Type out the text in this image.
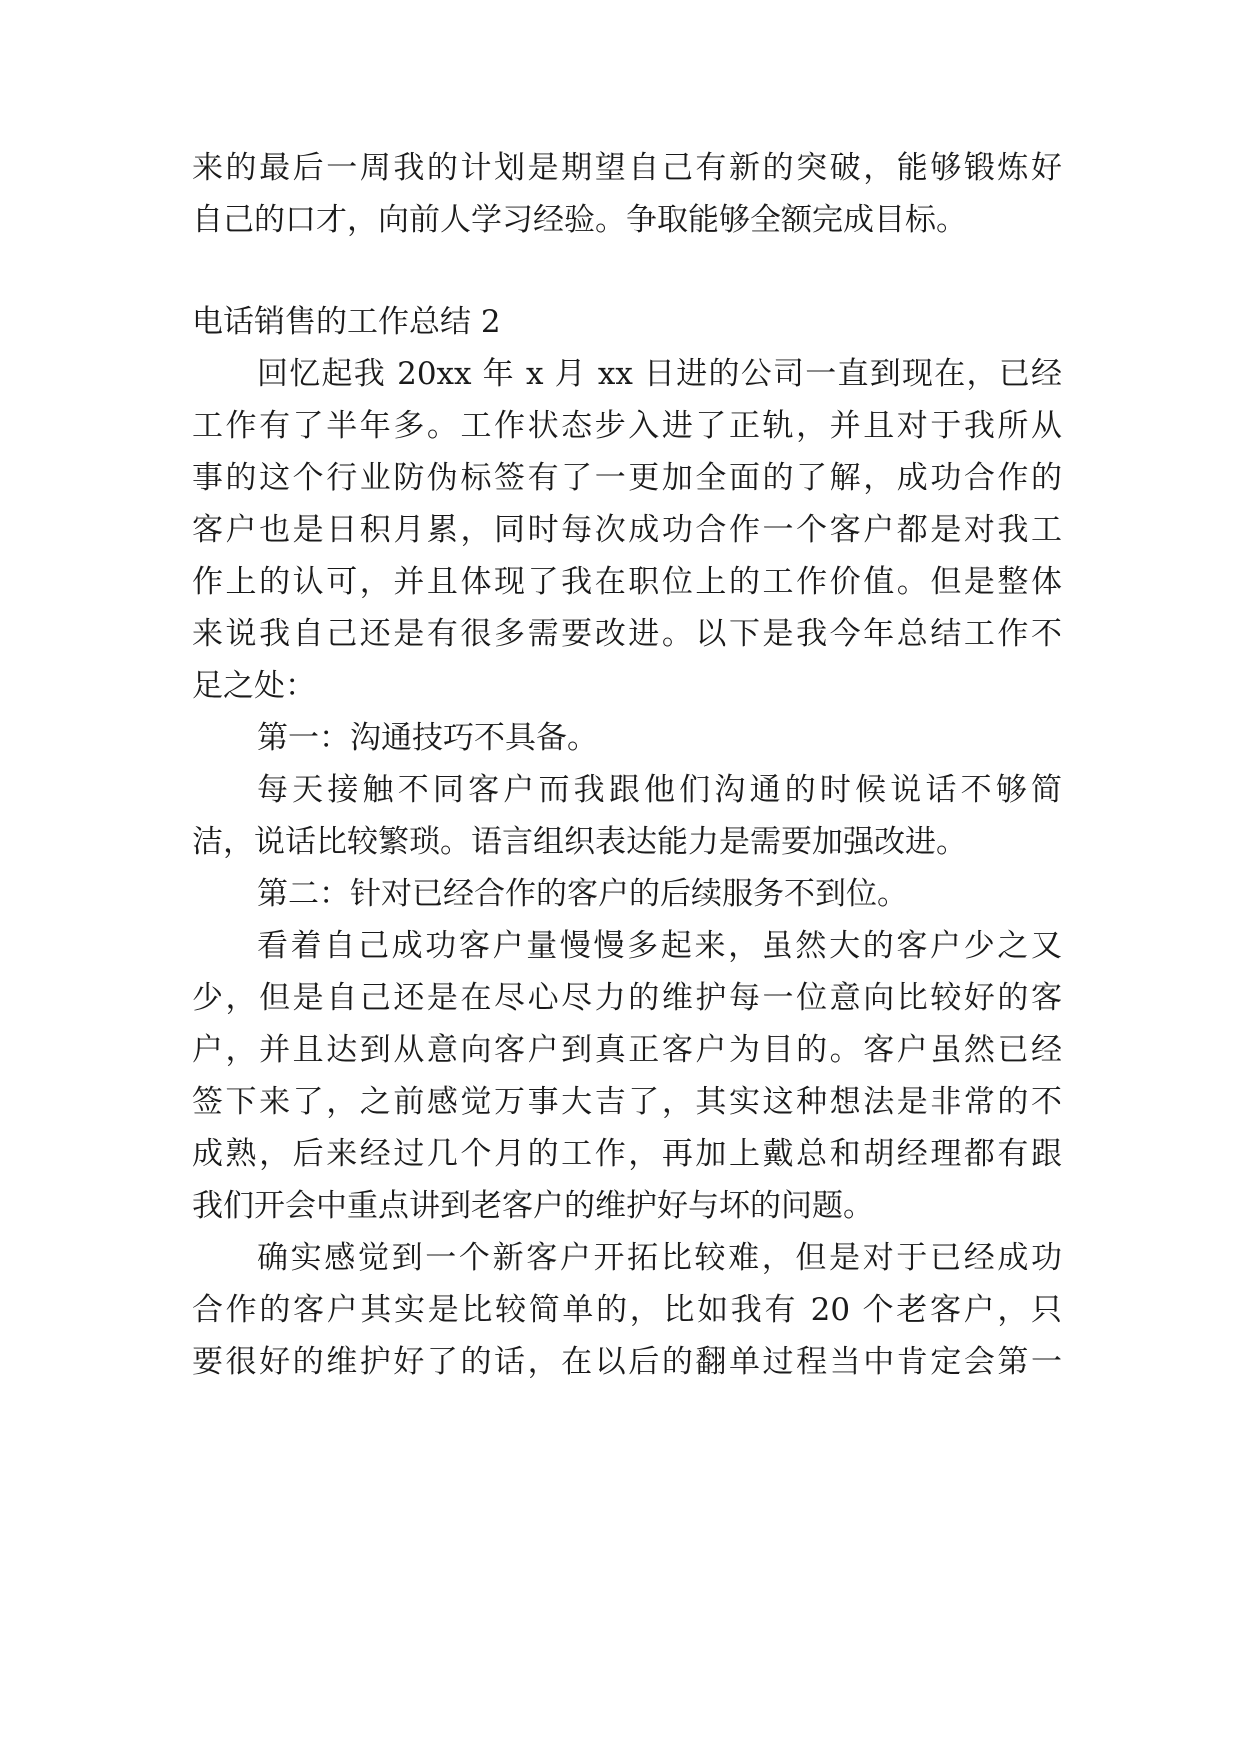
来的最后一周我的计划是期望自己有新的突破，能够锻炼好
自己的口才，向前人学习经验。争取能够全额完成目标。
电话销售的工作总结 2
回忆起我 20xx 年 x 月 xx 日进的公司一直到现在，已经
工作有了半年多。工作状态步入进了正轨，并且对于我所从
事的这个行业防伪标签有了一更加全面的了解，成功合作的
客户也是日积月累，同时每次成功合作一个客户都是对我工
作上的认可，并且体现了我在职位上的工作价值。但是整体
来说我自己还是有很多需要改进。以下是我今年总结工作不
足之处：
第一：沟通技巧不具备。
每天接触不同客户而我跟他们沟通的时候说话不够简
洁，说话比较繁琐。语言组织表达能力是需要加强改进。
第二：针对已经合作的客户的后续服务不到位。
看着自己成功客户量慢慢多起来，虽然大的客户少之又
少，但是自己还是在尽心尽力的维护每一位意向比较好的客
户，并且达到从意向客户到真正客户为目的。客户虽然已经
签下来了，之前感觉万事大吉了，其实这种想法是非常的不
成熟，后来经过几个月的工作，再加上戴总和胡经理都有跟
我们开会中重点讲到老客户的维护好与坏的问题。
确实感觉到一个新客户开拓比较难，但是对于已经成功
合作的客户其实是比较简单的，比如我有 20 个老客户，只
要很好的维护好了的话，在以后的翻单过程当中肯定会第一
